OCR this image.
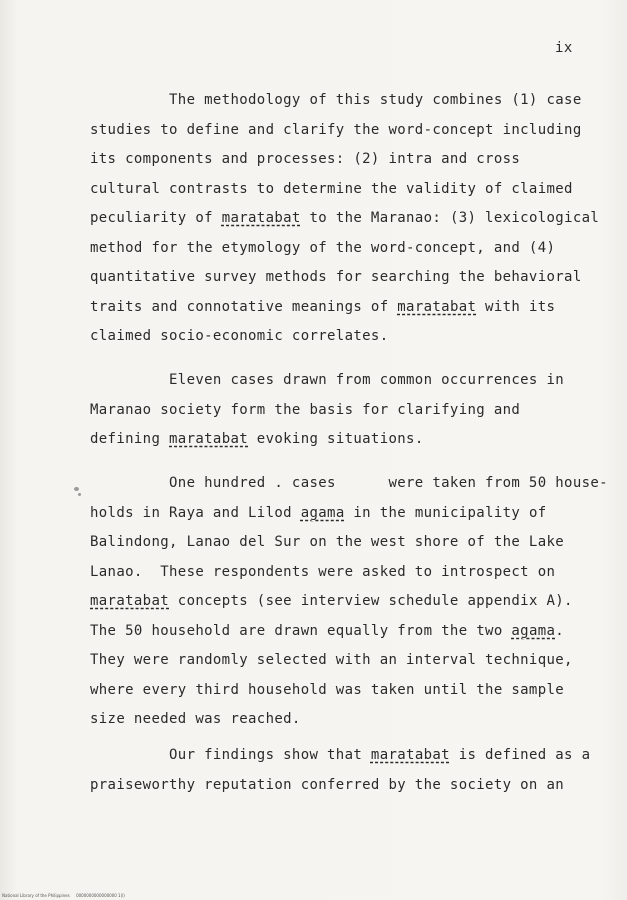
ix
The methodology of this study combines (1) case
studies to define and clarify the word-concept including
its components and processes: (2) intra and cross
cultural contrasts to determine the validity of claimed
peculiarity of maratabat to the Maranao: (3) lexicological
method for the etymology of the word-concept, and (4)
quantitative survey methods for searching the behavioral
traits and connotative meanings of maratabat with its
claimed socio-economic correlates.
Eleven cases drawn from common occurrences in
Maranao society form the basis for clarifying and
defining maratabat evoking situations.
One hundred . cases      were taken from 50 house-
holds in Raya and Lilod agama in the municipality of
Balindong, Lanao del Sur on the west shore of the Lake
Lanao.  These respondents were asked to introspect on
maratabat concepts (see interview schedule appendix A).
The 50 household are drawn equally from the two agama.
They were randomly selected with an interval technique,
where every third household was taken until the sample
size needed was reached.
Our findings show that maratabat is defined as a
praiseworthy reputation conferred by the society on an
National Library of the Philippines     0000000000000000 1(l)
